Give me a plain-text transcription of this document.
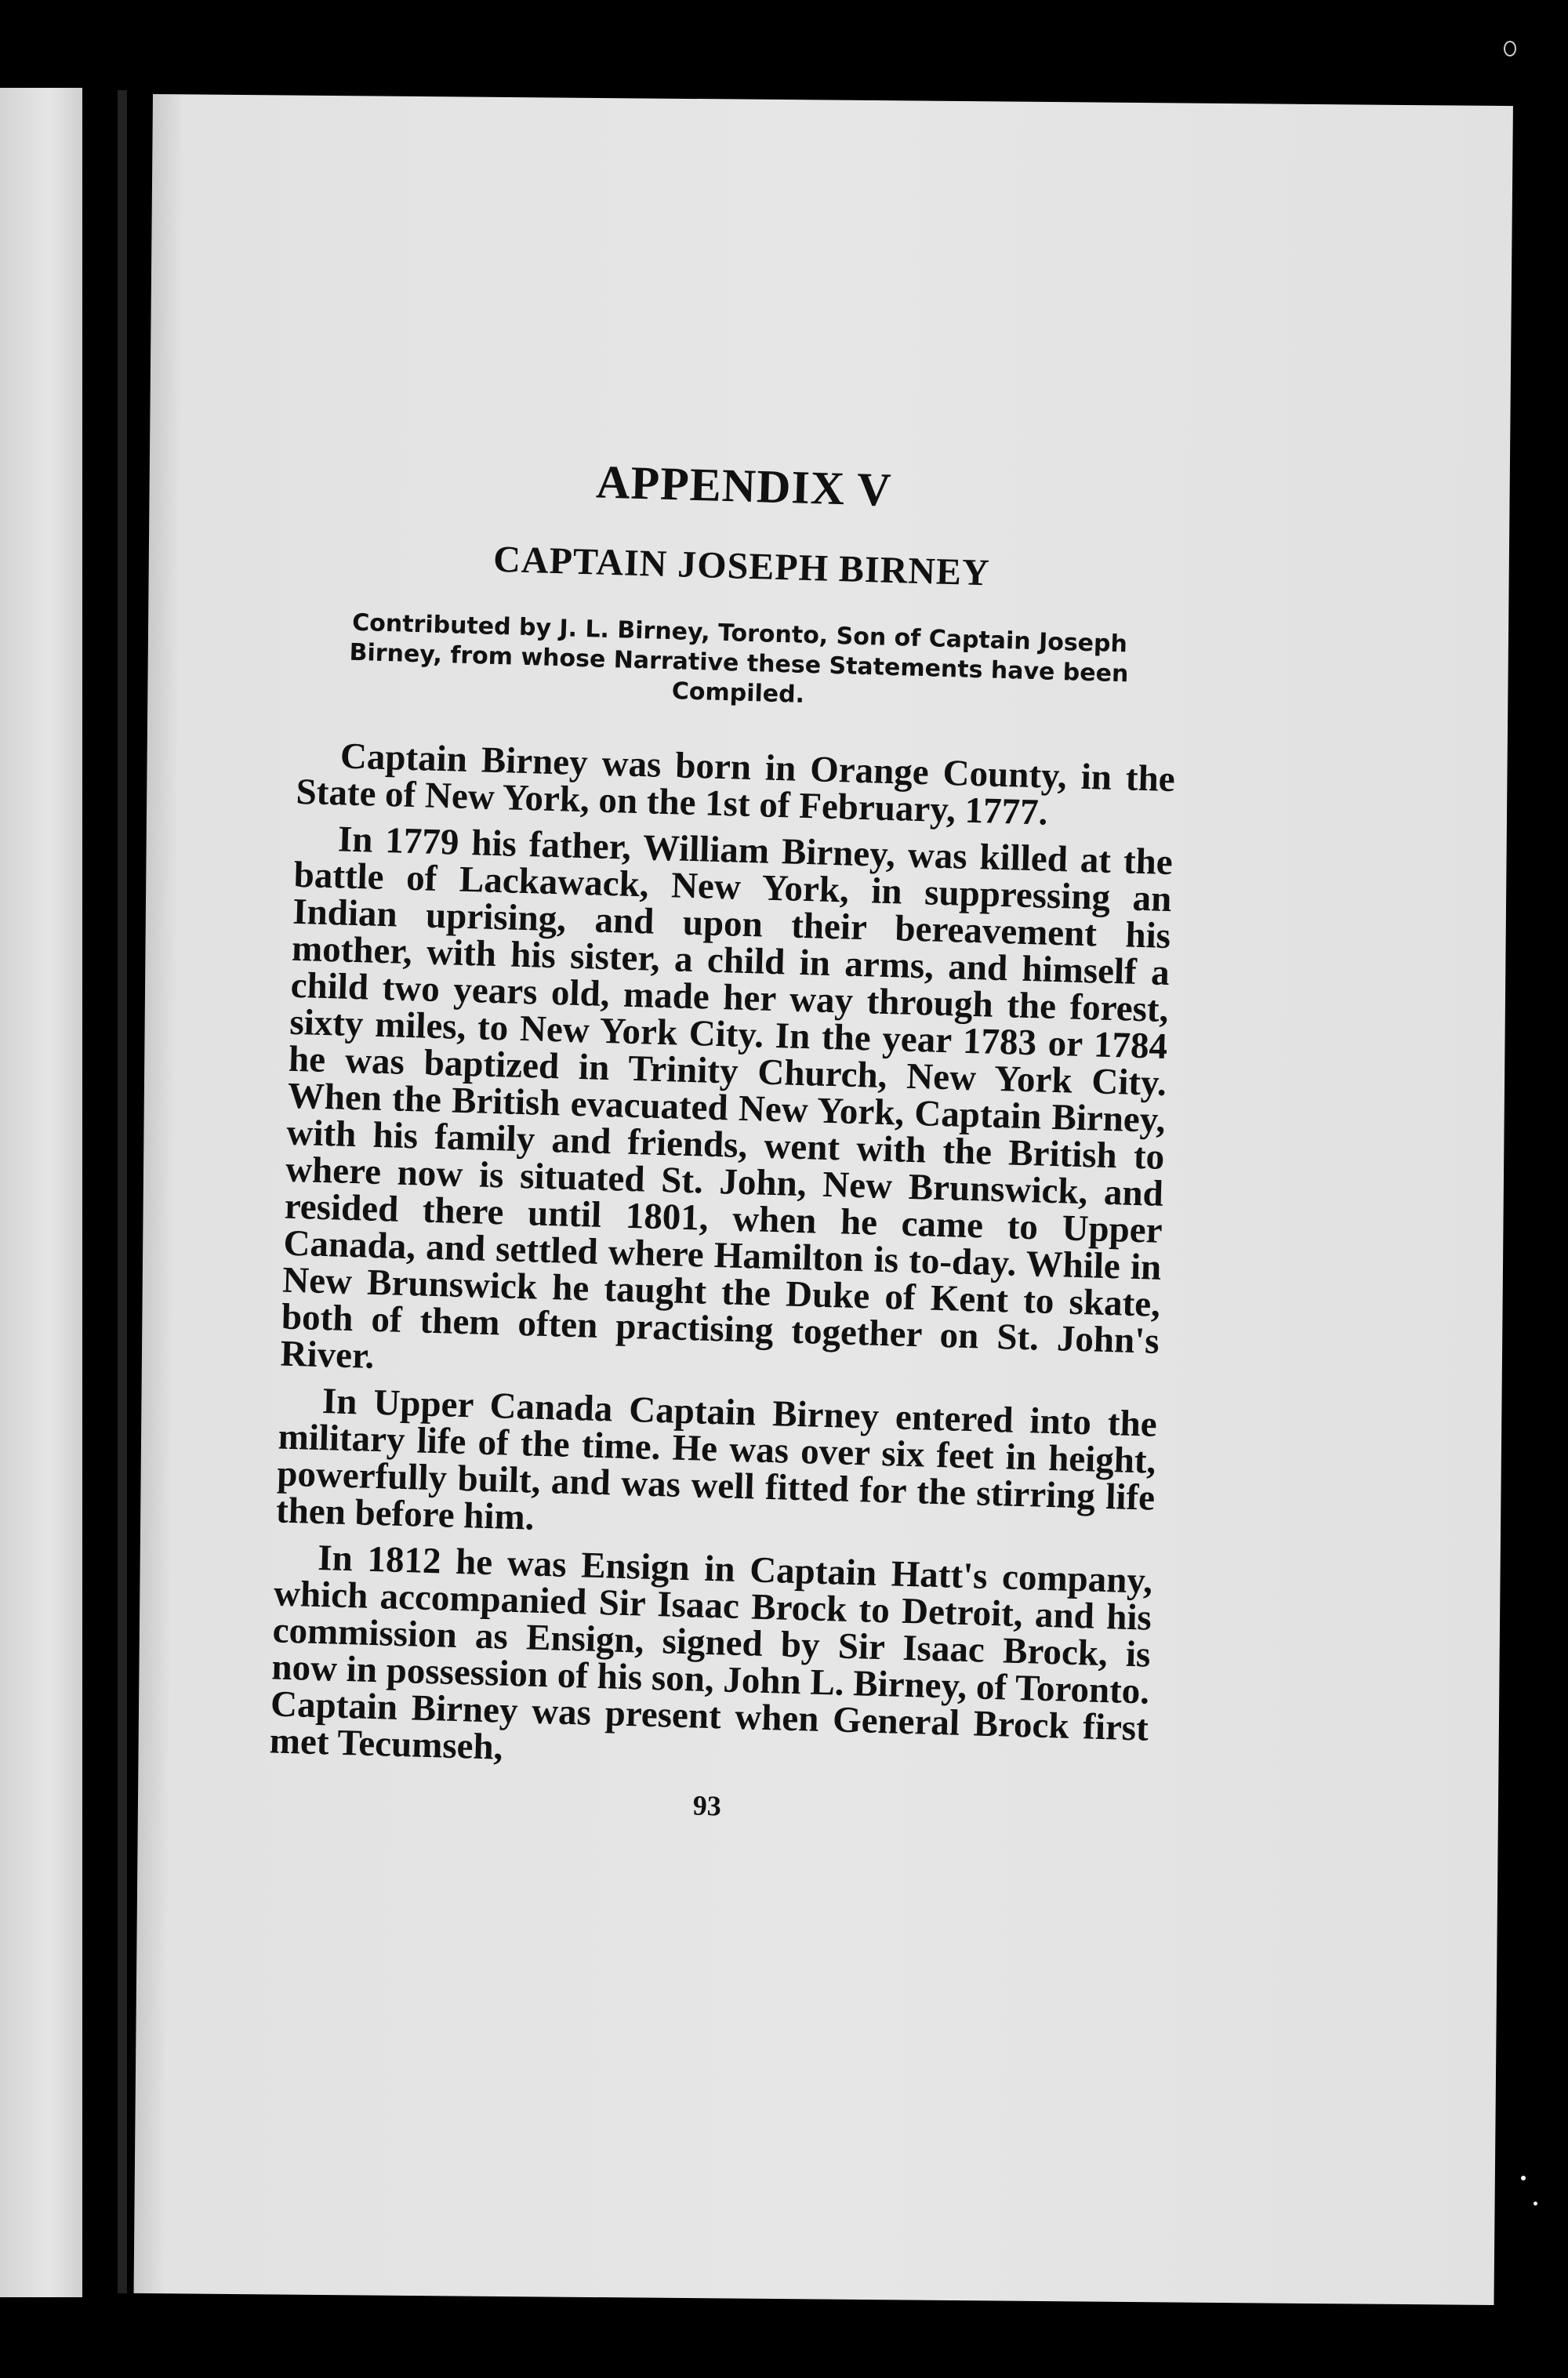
APPENDIX V
CAPTAIN JOSEPH BIRNEY
Contributed by J. L. Birney, Toronto, Son of Captain Joseph Birney, from whose Narrative these Statements have been Compiled.

Captain Birney was born in Orange County, in the State of New York, on the 1st of February, 1777.

In 1779 his father, William Birney, was killed at the battle of Lackawack, New York, in suppressing an Indian uprising, and upon their bereavement his mother, with his sister, a child in arms, and himself a child two years old, made her way through the forest, sixty miles, to New York City. In the year 1783 or 1784 he was baptized in Trinity Church, New York City. When the British evacuated New York, Captain Birney, with his family and friends, went with the British to where now is situated St. John, New Brunswick, and resided there until 1801, when he came to Upper Canada, and settled where Hamilton is to-day. While in New Brunswick he taught the Duke of Kent to skate, both of them often practising together on St. John's River.

In Upper Canada Captain Birney entered into the military life of the time. He was over six feet in height, powerfully built, and was well fitted for the stirring life then before him.

In 1812 he was Ensign in Captain Hatt's company, which accompanied Sir Isaac Brock to Detroit, and his commission as Ensign, signed by Sir Isaac Brock, is now in possession of his son, John L. Birney, of Toronto. Captain Birney was present when General Brock first met Tecumseh,

93
